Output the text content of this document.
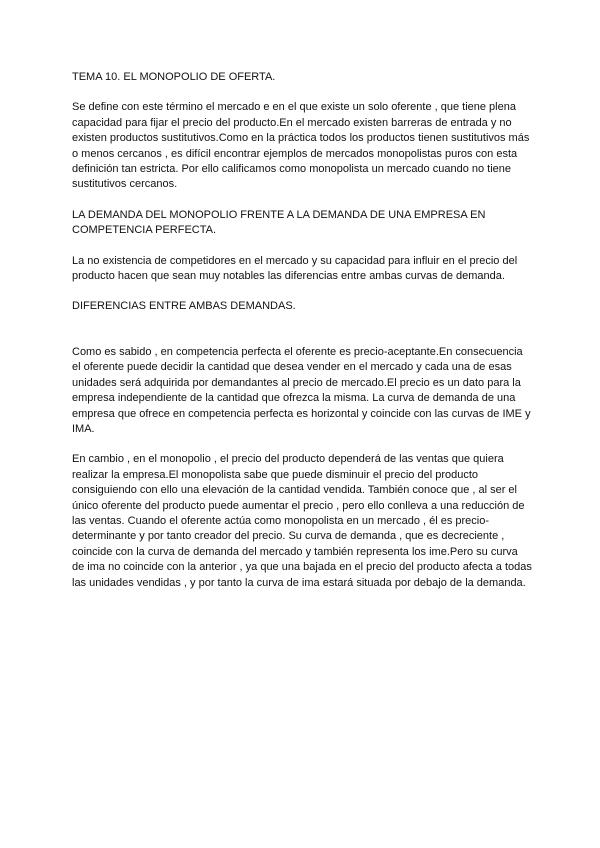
TEMA 10. EL MONOPOLIO DE OFERTA.

Se define con este término el mercado e en el que existe un solo oferente , que tiene plena capacidad para fijar el precio del producto.En el mercado existen barreras de entrada y no existen productos sustitutivos.Como en la práctica todos los productos tienen sustitutivos más o menos cercanos , es difícil encontrar ejemplos de mercados monopolistas puros con esta definición tan estricta. Por ello calificamos como monopolista un mercado cuando no tiene sustitutivos cercanos.

LA DEMANDA DEL MONOPOLIO FRENTE A LA DEMANDA DE UNA EMPRESA EN COMPETENCIA PERFECTA.

La no existencia de competidores en el mercado y su capacidad para influir en el precio del producto hacen que sean muy notables las diferencias entre ambas curvas de demanda.

DIFERENCIAS ENTRE AMBAS DEMANDAS.

Como es sabido , en competencia perfecta el oferente es precio-aceptante.En consecuencia el oferente puede decidir la cantidad que desea vender en el mercado y cada una de esas unidades será adquirida por demandantes al precio de mercado.El precio es un dato para la empresa independiente de la cantidad que ofrezca la misma. La curva de demanda de una empresa que ofrece en competencia perfecta es horizontal y coincide con las curvas de IME y IMA.

En cambio , en el monopolio , el precio del producto dependerá de las ventas que quiera realizar la empresa.El monopolista sabe que puede disminuir el precio del producto consiguiendo con ello una elevación de la cantidad vendida. También conoce que , al ser el único oferente del producto puede aumentar el precio , pero ello conlleva a una reducción de las ventas. Cuando el oferente actúa como monopolista en un mercado , él es precio-determinante y por tanto creador del precio. Su curva de demanda , que es decreciente , coincide con la curva de demanda del mercado y también representa los ime.Pero su curva de ima no coincide con la anterior , ya que una bajada en el precio del producto afecta a todas las unidades vendidas , y por tanto la curva de ima estará situada por debajo de la demanda.
